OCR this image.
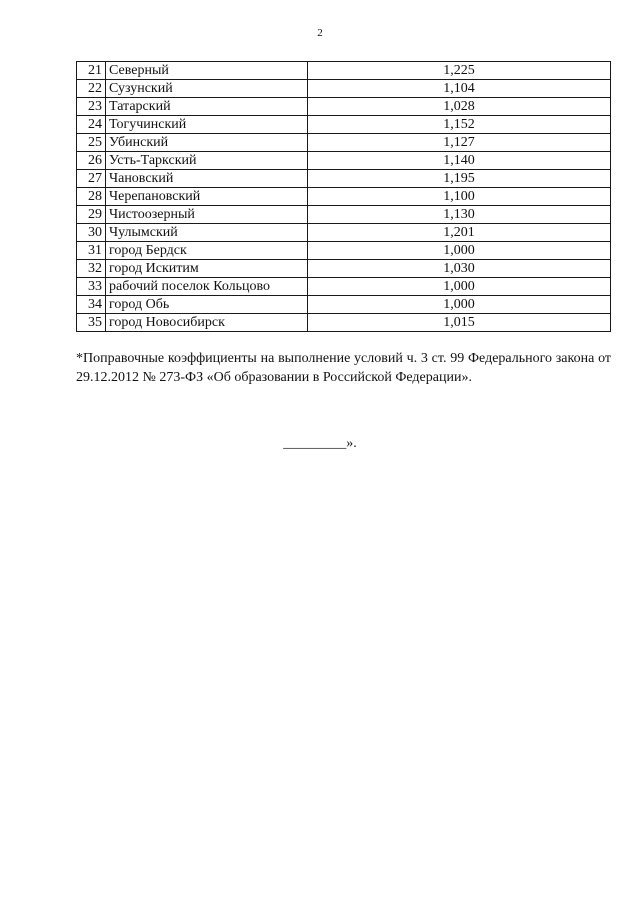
2
21	Северный	1,225
22	Сузунский	1,104
23	Татарский	1,028
24	Тогучинский	1,152
25	Убинский	1,127
26	Усть-Таркский	1,140
27	Чановский	1,195
28	Черепановский	1,100
29	Чистоозерный	1,130
30	Чулымский	1,201
31	город Бердск	1,000
32	город Искитим	1,030
33	рабочий поселок Кольцово	1,000
34	город Обь	1,000
35	город Новосибирск	1,015
*Поправочные коэффициенты на выполнение условий ч. 3 ст. 99 Федерального закона от 29.12.2012 № 273-ФЗ «Об образовании в Российской Федерации».
_________».
